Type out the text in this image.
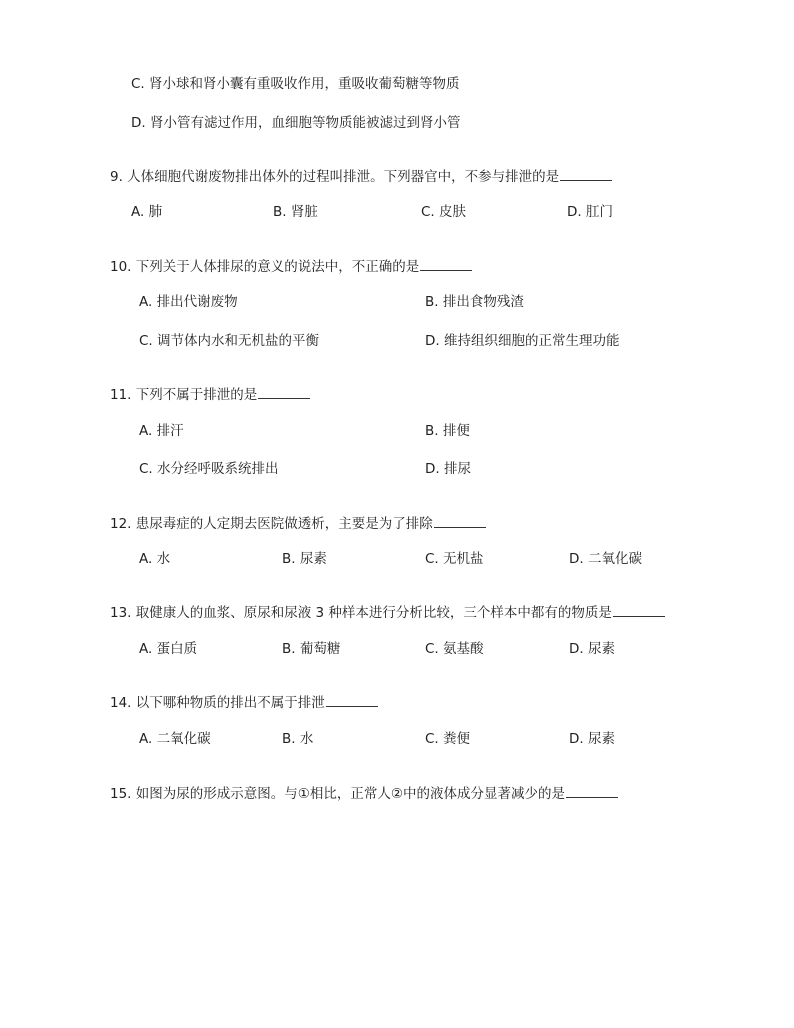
C. 肾小球和肾小囊有重吸收作用，重吸收葡萄糖等物质
D. 肾小管有滤过作用，血细胞等物质能被滤过到肾小管
9. 人体细胞代谢废物排出体外的过程叫排泄。下列器官中，不参与排泄的是
A. 肺	B. 肾脏	C. 皮肤	D. 肛门
10. 下列关于人体排尿的意义的说法中，不正确的是
A. 排出代谢废物	B. 排出食物残渣
C. 调节体内水和无机盐的平衡	D. 维持组织细胞的正常生理功能
11. 下列不属于排泄的是
A. 排汗	B. 排便
C. 水分经呼吸系统排出	D. 排尿
12. 患尿毒症的人定期去医院做透析，主要是为了排除
A. 水	B. 尿素	C. 无机盐	D. 二氧化碳
13. 取健康人的血浆、原尿和尿液 3 种样本进行分析比较，三个样本中都有的物质是
A. 蛋白质	B. 葡萄糖	C. 氨基酸	D. 尿素
14. 以下哪种物质的排出不属于排泄
A. 二氧化碳	B. 水	C. 粪便	D. 尿素
15. 如图为尿的形成示意图。与①相比，正常人②中的液体成分显著减少的是
